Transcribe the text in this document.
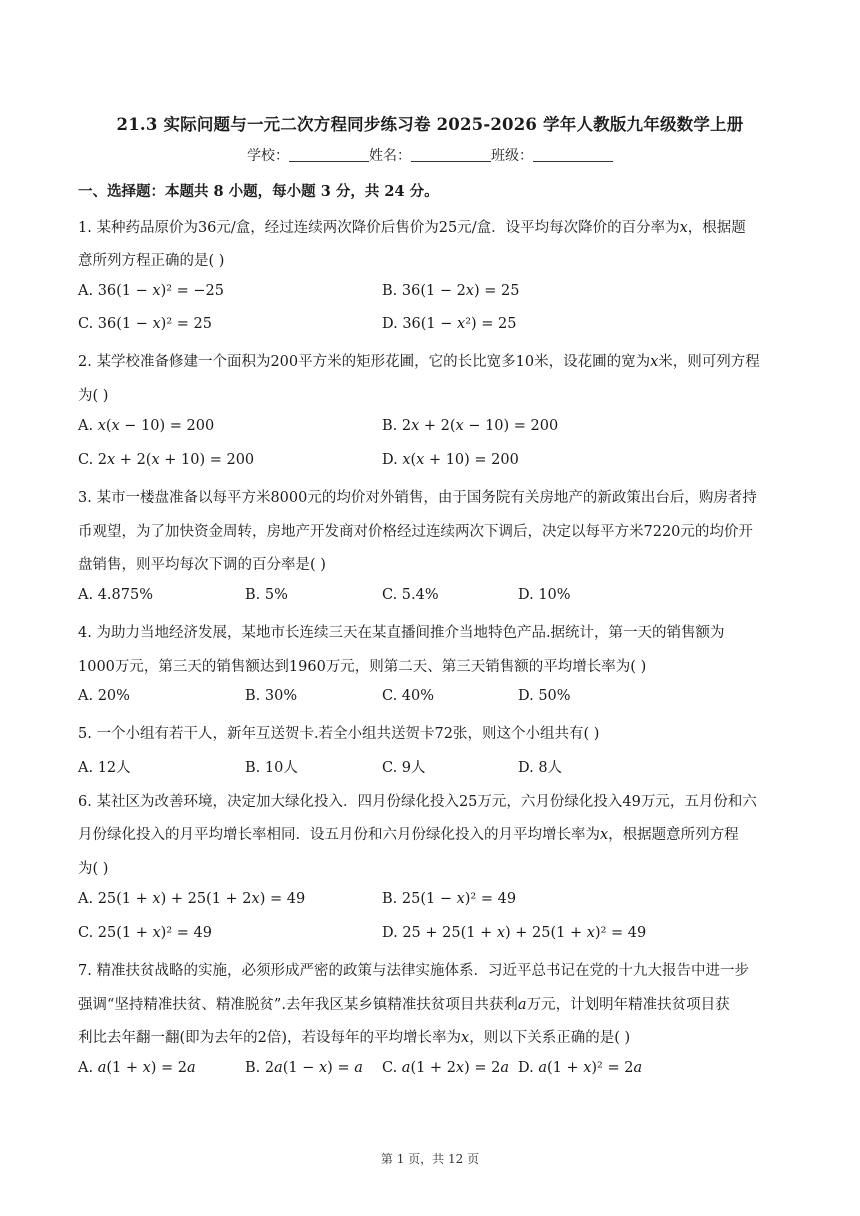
21.3 实际问题与一元二次方程同步练习卷 2025-2026 学年人教版九年级数学上册
学校：	姓名：	班级：
一、选择题：本题共 8 小题，每小题 3 分，共 24 分。
1. 某种药品原价为36元/盒，经过连续两次降价后售价为25元/盒．设平均每次降价的百分率为𝑥，根据题
意所列方程正确的是( )
A. 36(1 − 𝑥)² = −25	B. 36(1 − 2𝑥) = 25
C. 36(1 − 𝑥)² = 25	D. 36(1 − 𝑥²) = 25
2. 某学校准备修建一个面积为200平方米的矩形花圃，它的长比宽多10米，设花圃的宽为𝑥米，则可列方程
为( )
A. 𝑥(𝑥 − 10) = 200	B. 2𝑥 + 2(𝑥 − 10) = 200
C. 2𝑥 + 2(𝑥 + 10) = 200	D. 𝑥(𝑥 + 10) = 200
3. 某市一楼盘准备以每平方米8000元的均价对外销售，由于国务院有关房地产的新政策出台后，购房者持
币观望，为了加快资金周转，房地产开发商对价格经过连续两次下调后，决定以每平方米7220元的均价开
盘销售，则平均每次下调的百分率是( )
A. 4.875%	B. 5%	C. 5.4%	D. 10%
4. 为助力当地经济发展，某地市长连续三天在某直播间推介当地特色产品.据统计，第一天的销售额为
1000万元，第三天的销售额达到1960万元，则第二天、第三天销售额的平均增长率为( )
A. 20%	B. 30%	C. 40%	D. 50%
5. 一个小组有若干人，新年互送贺卡.若全小组共送贺卡72张，则这个小组共有( )
A. 12人	B. 10人	C. 9人	D. 8人
6. 某社区为改善环境，决定加大绿化投入．四月份绿化投入25万元，六月份绿化投入49万元，五月份和六
月份绿化投入的月平均增长率相同．设五月份和六月份绿化投入的月平均增长率为𝑥，根据题意所列方程
为( )
A. 25(1 + 𝑥) + 25(1 + 2𝑥) = 49	B. 25(1 − 𝑥)² = 49
C. 25(1 + 𝑥)² = 49	D. 25 + 25(1 + 𝑥) + 25(1 + 𝑥)² = 49
7. 精准扶贫战略的实施，必须形成严密的政策与法律实施体系．习近平总书记在党的十九大报告中进一步
强调“坚持精准扶贫、精准脱贫”.去年我区某乡镇精准扶贫项目共获利𝑎万元，计划明年精准扶贫项目获
利比去年翻一翻(即为去年的2倍)，若设每年的平均增长率为𝑥，则以下关系正确的是( )
A. 𝑎(1 + 𝑥) = 2𝑎	B. 2𝑎(1 − 𝑥) = 𝑎 C. 𝑎(1 + 2𝑥) = 2𝑎 D. 𝑎(1 + 𝑥)² = 2𝑎
第 1 页，共 12 页
